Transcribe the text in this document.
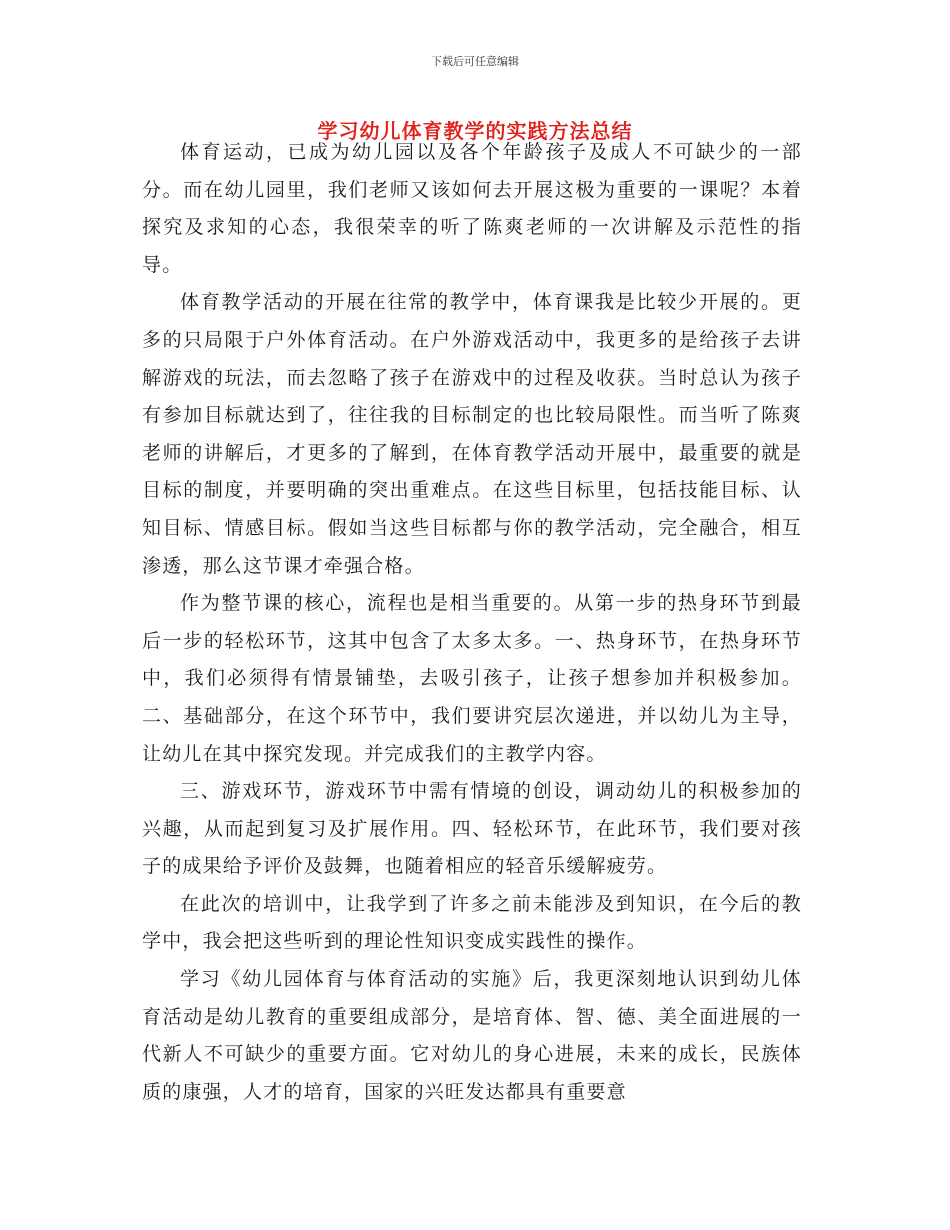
下载后可任意编辑
学习幼儿体育教学的实践方法总结

体育运动，已成为幼儿园以及各个年龄孩子及成人不可缺少的一部分。而在幼儿园里，我们老师又该如何去开展这极为重要的一课呢？本着探究及求知的心态，我很荣幸的听了陈爽老师的一次讲解及示范性的指导。

体育教学活动的开展在往常的教学中，体育课我是比较少开展的。更多的只局限于户外体育活动。在户外游戏活动中，我更多的是给孩子去讲解游戏的玩法，而去忽略了孩子在游戏中的过程及收获。当时总认为孩子有参加目标就达到了，往往我的目标制定的也比较局限性。而当听了陈爽老师的讲解后，才更多的了解到，在体育教学活动开展中，最重要的就是目标的制度，并要明确的突出重难点。在这些目标里，包括技能目标、认知目标、情感目标。假如当这些目标都与你的教学活动，完全融合，相互渗透，那么这节课才牵强合格。

作为整节课的核心，流程也是相当重要的。从第一步的热身环节到最后一步的轻松环节，这其中包含了太多太多。一、热身环节，在热身环节中，我们必须得有情景铺垫，去吸引孩子，让孩子想参加并积极参加。二、基础部分，在这个环节中，我们要讲究层次递进，并以幼儿为主导，让幼儿在其中探究发现。并完成我们的主教学内容。

三、游戏环节，游戏环节中需有情境的创设，调动幼儿的积极参加的兴趣，从而起到复习及扩展作用。四、轻松环节，在此环节，我们要对孩子的成果给予评价及鼓舞，也随着相应的轻音乐缓解疲劳。

在此次的培训中，让我学到了许多之前未能涉及到知识，在今后的教学中，我会把这些听到的理论性知识变成实践性的操作。

学习《幼儿园体育与体育活动的实施》后，我更深刻地认识到幼儿体育活动是幼儿教育的重要组成部分，是培育体、智、德、美全面进展的一代新人不可缺少的重要方面。它对幼儿的身心进展，未来的成长，民族体质的康强，人才的培育，国家的兴旺发达都具有重要意
